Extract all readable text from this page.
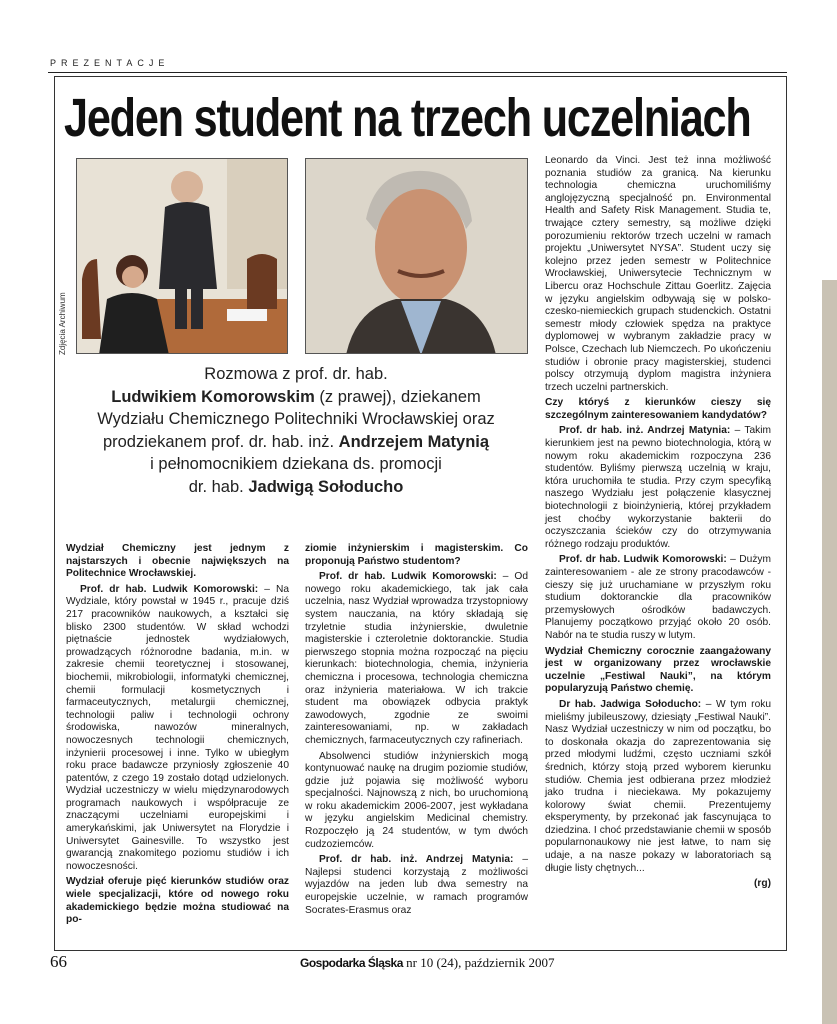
PREZENTACJE
Jeden student na trzech uczelniach
Zdjęcia Archiwum
Rozmowa z prof. dr. hab.
Ludwikiem Komorowskim (z prawej), dziekanem
Wydziału Chemicznego Politechniki Wrocławskiej oraz
prodziekanem prof. dr. hab. inż. Andrzejem Matynią
i pełnomocnikiem dziekana ds. promocji
dr. hab. Jadwigą Sołoducho

Wydział Chemiczny jest jednym z najstarszych i obecnie największych na Politechnice Wrocławskiej.

Prof. dr hab. Ludwik Komorowski: – Na Wydziale, który powstał w 1945 r., pracuje dziś 217 pracowników naukowych, a kształci się blisko 2300 studentów. W skład wchodzi piętnaście jednostek wydziałowych, prowadzących różnorodne badania, m.in. w zakresie chemii teoretycznej i stosowanej, biochemii, mikrobiologii, informatyki chemicznej, chemii formulacji kosmetycznych i farmaceutycznych, metalurgii chemicznej, technologii paliw i technologii ochrony środowiska, nawozów mineralnych, nowoczesnych technologii chemicznych, inżynierii procesowej i inne. Tylko w ubiegłym roku prace badawcze przyniosły zgłoszenie 40 patentów, z czego 19 zostało dotąd udzielonych. Wydział uczestniczy w wielu międzynarodowych programach naukowych i współpracuje ze znaczącymi uczelniami europejskimi i amerykańskimi, jak Uniwersytet na Florydzie i Uniwersytet Gainesville. To wszystko jest gwarancją znakomitego poziomu studiów i ich nowoczesności.

Wydział oferuje pięć kierunków studiów oraz wiele specjalizacji, które od nowego roku akademickiego będzie można studiować na po-

ziomie inżynierskim i magisterskim. Co proponują Państwo studentom?

Prof. dr hab. Ludwik Komorowski: – Od nowego roku akademickiego, tak jak cała uczelnia, nasz Wydział wprowadza trzystopniowy system nauczania, na który składają się trzyletnie studia inżynierskie, dwuletnie magisterskie i czteroletnie doktoranckie. Studia pierwszego stopnia można rozpocząć na pięciu kierunkach: biotechnologia, chemia, inżynieria chemiczna i procesowa, technologia chemiczna oraz inżynieria materiałowa. W ich trakcie student ma obowiązek odbycia praktyk zawodowych, zgodnie ze swoimi zainteresowaniami, np. w zakładach chemicznych, farmaceutycznych czy rafineriach.

Absolwenci studiów inżynierskich mogą kontynuować naukę na drugim poziomie studiów, gdzie już pojawia się możliwość wyboru specjalności. Najnowszą z nich, bo uruchomioną w roku akademickim 2006-2007, jest wykładana w języku angielskim Medicinal chemistry. Rozpoczęło ją 24 studentów, w tym dwóch cudzoziemców.

Prof. dr hab. inż. Andrzej Matynia: – Najlepsi studenci korzystają z możliwości wyjazdów na jeden lub dwa semestry na europejskie uczelnie, w ramach programów Socrates-Erasmus oraz

Leonardo da Vinci. Jest też inna możliwość poznania studiów za granicą. Na kierunku technologia chemiczna uruchomiliśmy anglojęzyczną specjalność pn. Environmental Health and Safety Risk Management. Studia te, trwające cztery semestry, są możliwe dzięki porozumieniu rektorów trzech uczelni w ramach projektu „Uniwersytet NYSA”. Student uczy się kolejno przez jeden semestr w Politechnice Wrocławskiej, Uniwersytecie Technicznym w Libercu oraz Hochschule Zittau Goerlitz. Zajęcia w języku angielskim odbywają się w polsko-czesko-niemieckich grupach studenckich. Ostatni semestr młody człowiek spędza na praktyce dyplomowej w wybranym zakładzie pracy w Polsce, Czechach lub Niemczech. Po ukończeniu studiów i obronie pracy magisterskiej, studenci polscy otrzymują dyplom magistra inżyniera trzech uczelni partnerskich.

Czy któryś z kierunków cieszy się szczególnym zainteresowaniem kandydatów?

Prof. dr hab. inż. Andrzej Matynia: – Takim kierunkiem jest na pewno biotechnologia, którą w nowym roku akademickim rozpoczyna 236 studentów. Byliśmy pierwszą uczelnią w kraju, która uruchomiła te studia. Przy czym specyfiką naszego Wydziału jest połączenie klasycznej biotechnologii z bioinżynierią, której przykładem jest choćby wykorzystanie bakterii do oczyszczania ścieków czy do otrzymywania różnego rodzaju produktów.

Prof. dr hab. Ludwik Komorowski: – Dużym zainteresowaniem - ale ze strony pracodawców - cieszy się już uruchamiane w przyszłym roku studium doktoranckie dla pracowników przemysłowych ośrodków badawczych. Planujemy początkowo przyjąć około 20 osób. Nabór na te studia ruszy w lutym.

Wydział Chemiczny corocznie zaangażowany jest w organizowany przez wrocławskie uczelnie „Festiwal Nauki”, na którym popularyzują Państwo chemię.

Dr hab. Jadwiga Sołoducho: – W tym roku mieliśmy jubileuszowy, dziesiąty „Festiwal Nauki”. Nasz Wydział uczestniczy w nim od początku, bo to doskonała okazja do zaprezentowania się przed młodymi ludźmi, często uczniami szkół średnich, którzy stoją przed wyborem kierunku studiów. Chemia jest odbierana przez młodzież jako trudna i nieciekawa. My pokazujemy kolorowy świat chemii. Prezentujemy eksperymenty, by przekonać jak fascynująca to dziedzina. I choć przedstawianie chemii w sposób popularnonaukowy nie jest łatwe, to nam się udaje, a na nasze pokazy w laboratoriach są długie listy chętnych...

(rg)

66	Gospodarka Śląska nr 10 (24), październik 2007
